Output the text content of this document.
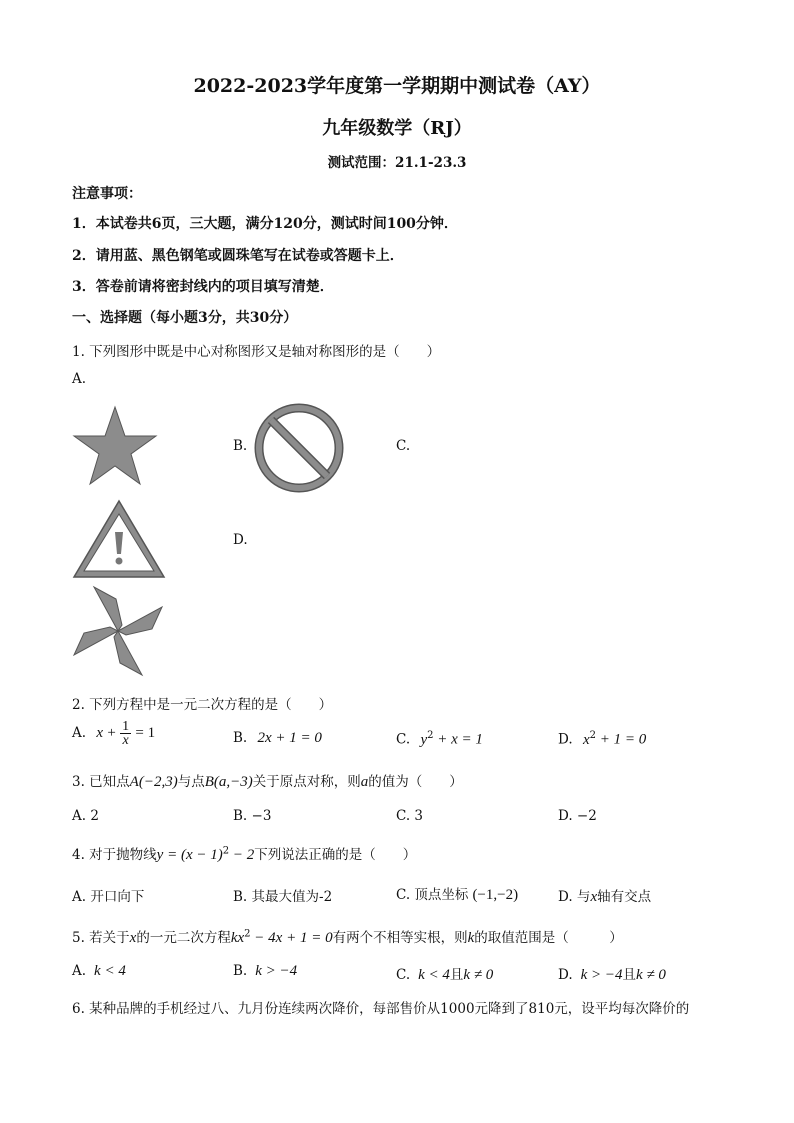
2022-2023学年度第一学期期中测试卷（AY）
九年级数学（RJ）
测试范围：21.1-23.3
注意事项：
1．本试卷共6页，三大题，满分120分，测试时间100分钟．
2．请用蓝、黑色钢笔或圆珠笔写在试卷或答题卡上．
3．答卷前请将密封线内的项目填写清楚．
一、选择题（每小题3分，共30分）
1. 下列图形中既是中心对称图形又是轴对称图形的是（　　）
A.
B.	C.
D.
2. 下列方程中是一元二次方程的是（　　）
A. $x + \frac{1}{x} = 1$	B. 2x + 1 = 0	C. $y^2 + x = 1$	D. $x^2 + 1 = 0$
3. 已知点A(−2,3)与点B(a,−3)关于原点对称，则a的值为（　　）
A. 2	B. −3	C. 3	D. −2
4. 对于抛物线$y = (x - 1)^2 - 2$下列说法正确的是（　　）
A. 开口向下	B. 其最大值为-2	C. 顶点坐标 (−1,−2)	D. 与x轴有交点
5. 若关于x的一元二次方程$kx^2 - 4x + 1 = 0$有两个不相等实根，则k的取值范围是（　　　）
A. k < 4	B. k > −4	C. k < 4且k ≠ 0	D. k > −4且k ≠ 0
6. 某种品牌的手机经过八、九月份连续两次降价，每部售价从1000元降到了810元，设平均每次降价的
